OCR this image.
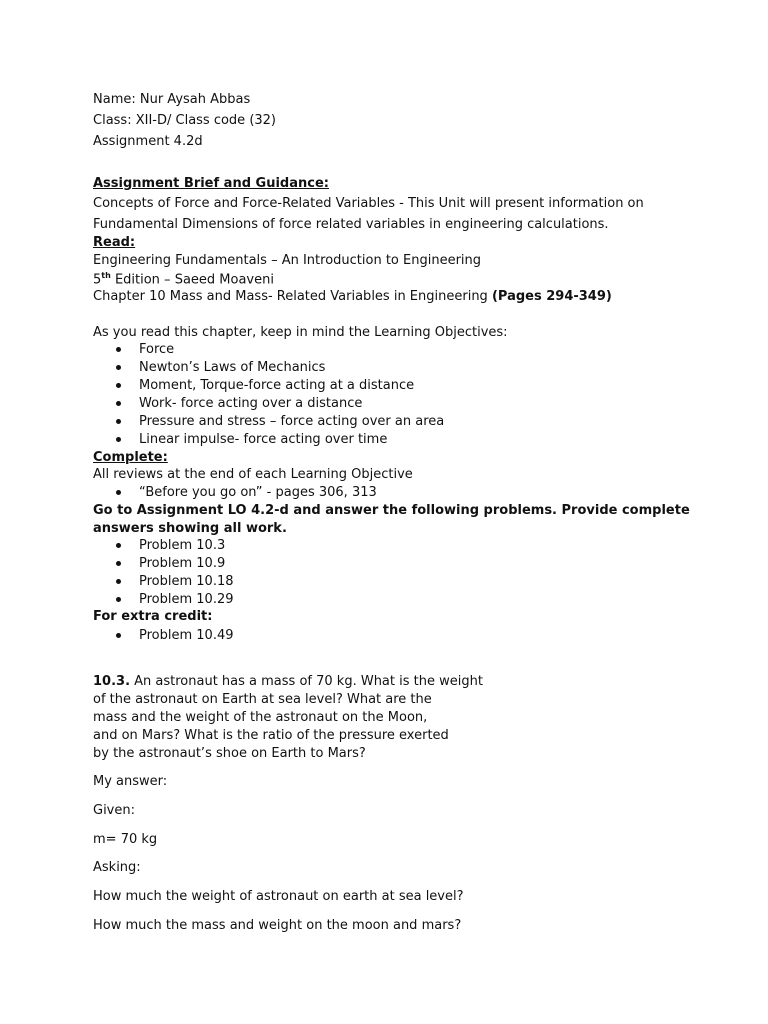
Name: Nur Aysah Abbas
Class: XII-D/ Class code (32)
Assignment 4.2d
Assignment Brief and Guidance:
Concepts of Force and Force-Related Variables - This Unit will present information on
Fundamental Dimensions of force related variables in engineering calculations.
Read:
Engineering Fundamentals – An Introduction to Engineering
5th Edition – Saeed Moaveni
Chapter 10 Mass and Mass- Related Variables in Engineering (Pages 294-349)
As you read this chapter, keep in mind the Learning Objectives:
Force
Newton’s Laws of Mechanics
Moment, Torque-force acting at a distance
Work- force acting over a distance
Pressure and stress – force acting over an area
Linear impulse- force acting over time
Complete:
All reviews at the end of each Learning Objective
“Before you go on” - pages 306, 313
Go to Assignment LO 4.2-d and answer the following problems. Provide complete
answers showing all work.
Problem 10.3
Problem 10.9
Problem 10.18
Problem 10.29
For extra credit:
Problem 10.49
10.3. An astronaut has a mass of 70 kg. What is the weight
of the astronaut on Earth at sea level? What are the
mass and the weight of the astronaut on the Moon,
and on Mars? What is the ratio of the pressure exerted
by the astronaut’s shoe on Earth to Mars?
My answer:
Given:
m= 70 kg
Asking:
How much the weight of astronaut on earth at sea level?
How much the mass and weight on the moon and mars?
